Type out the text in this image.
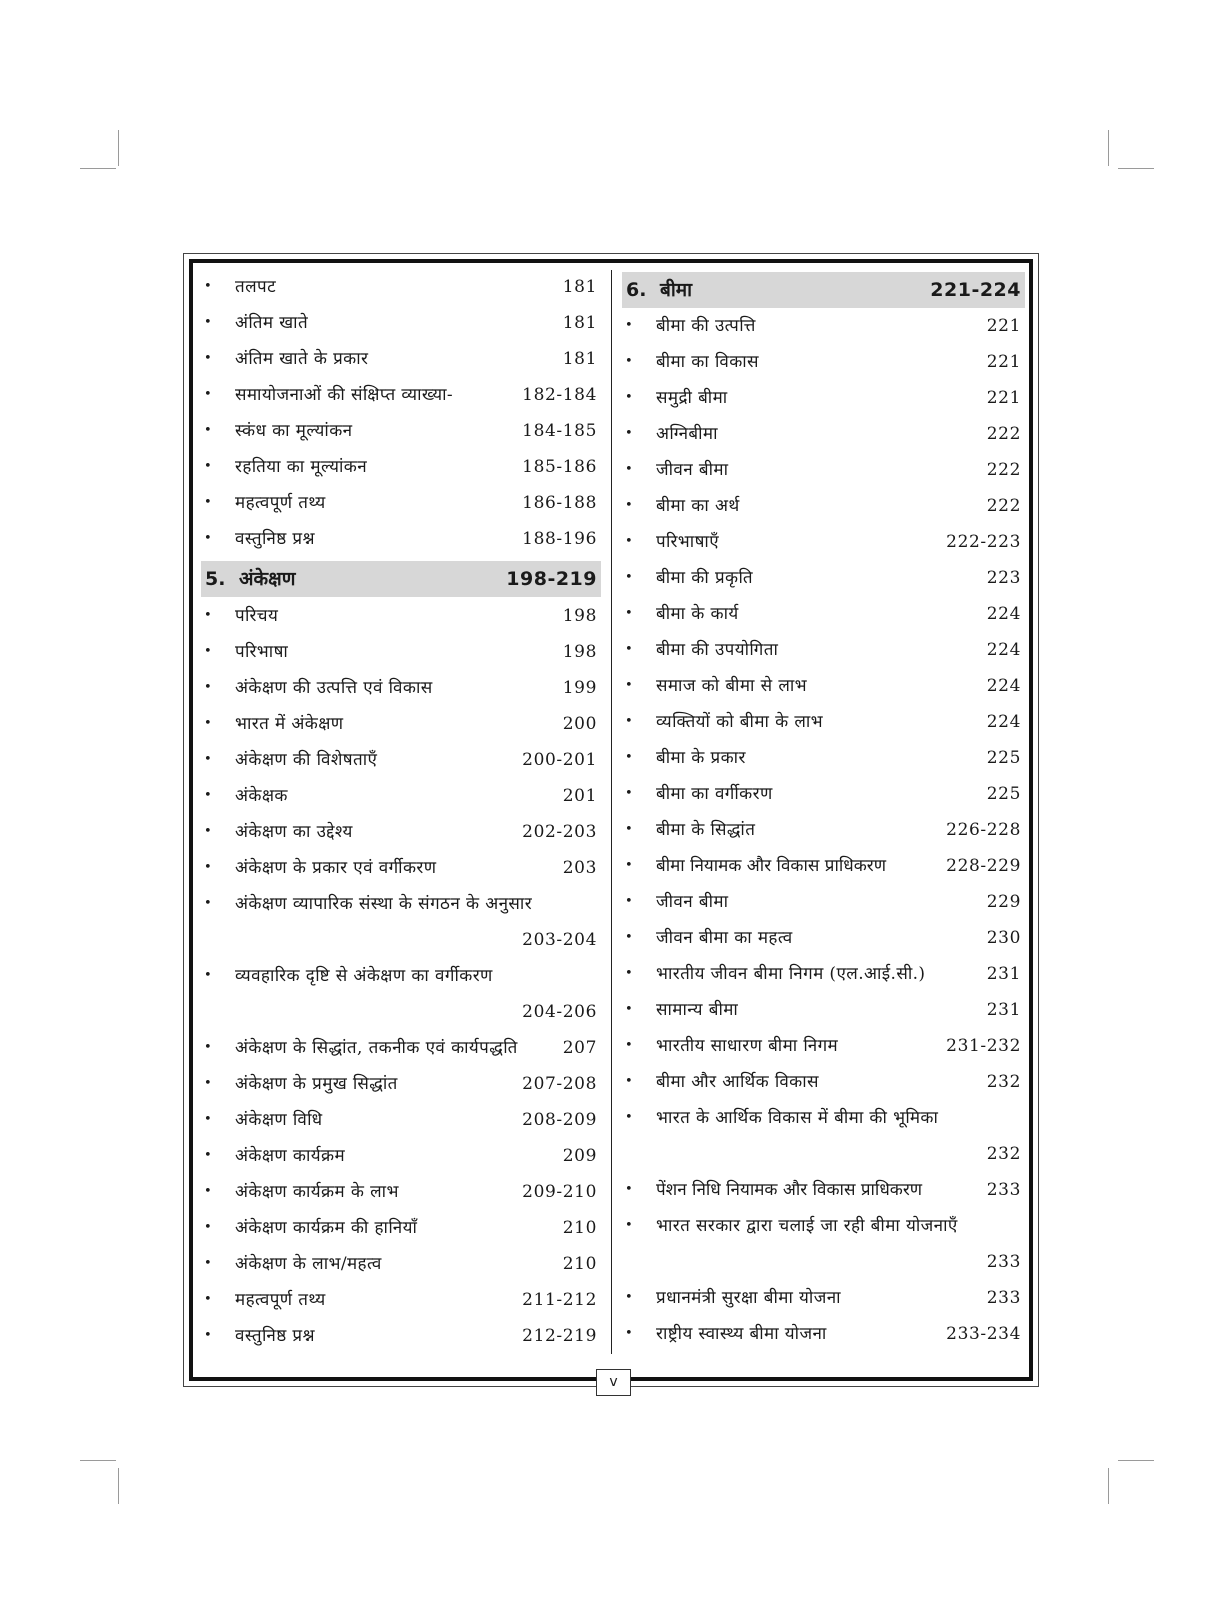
•	तलपट	181
•	अंतिम खाते	181
•	अंतिम खाते के प्रकार	181
•	समायोजनाओं की संक्षिप्त व्याख्या-	182-184
•	स्कंध का मूल्यांकन	184-185
•	रहतिया का मूल्यांकन	185-186
•	महत्वपूर्ण तथ्य	186-188
•	वस्तुनिष्ठ प्रश्न	188-196
5. अंकेक्षण	198-219
•	परिचय	198
•	परिभाषा	198
•	अंकेक्षण की उत्पत्ति एवं विकास	199
•	भारत में अंकेक्षण	200
•	अंकेक्षण की विशेषताएँ	200-201
•	अंकेक्षक	201
•	अंकेक्षण का उद्देश्य	202-203
•	अंकेक्षण के प्रकार एवं वर्गीकरण	203
•	अंकेक्षण व्यापारिक संस्था के संगठन के अनुसार
203-204
•	व्यवहारिक दृष्टि से अंकेक्षण का वर्गीकरण
204-206
•	अंकेक्षण के सिद्धांत, तकनीक एवं कार्यपद्धति	207
•	अंकेक्षण के प्रमुख सिद्धांत	207-208
•	अंकेक्षण विधि	208-209
•	अंकेक्षण कार्यक्रम	209
•	अंकेक्षण कार्यक्रम के लाभ	209-210
•	अंकेक्षण कार्यक्रम की हानियाँ	210
•	अंकेक्षण के लाभ/महत्व	210
•	महत्वपूर्ण तथ्य	211-212
•	वस्तुनिष्ठ प्रश्न	212-219
6. बीमा	221-224
•	बीमा की उत्पत्ति	221
•	बीमा का विकास	221
•	समुद्री बीमा	221
•	अग्निबीमा	222
•	जीवन बीमा	222
•	बीमा का अर्थ	222
•	परिभाषाएँ	222-223
•	बीमा की प्रकृति	223
•	बीमा के कार्य	224
•	बीमा की उपयोगिता	224
•	समाज को बीमा से लाभ	224
•	व्यक्तियों को बीमा के लाभ	224
•	बीमा के प्रकार	225
•	बीमा का वर्गीकरण	225
•	बीमा के सिद्धांत	226-228
•	बीमा नियामक और विकास प्राधिकरण	228-229
•	जीवन बीमा	229
•	जीवन बीमा का महत्व	230
•	भारतीय जीवन बीमा निगम (एल.आई.सी.)	231
•	सामान्य बीमा	231
•	भारतीय साधारण बीमा निगम	231-232
•	बीमा और आर्थिक विकास	232
•	भारत के आर्थिक विकास में बीमा की भूमिका
232
•	पेंशन निधि नियामक और विकास प्राधिकरण	233
•	भारत सरकार द्वारा चलाई जा रही बीमा योजनाएँ
233
•	प्रधानमंत्री सुरक्षा बीमा योजना	233
•	राष्ट्रीय स्वास्थ्य बीमा योजना	233-234
v
